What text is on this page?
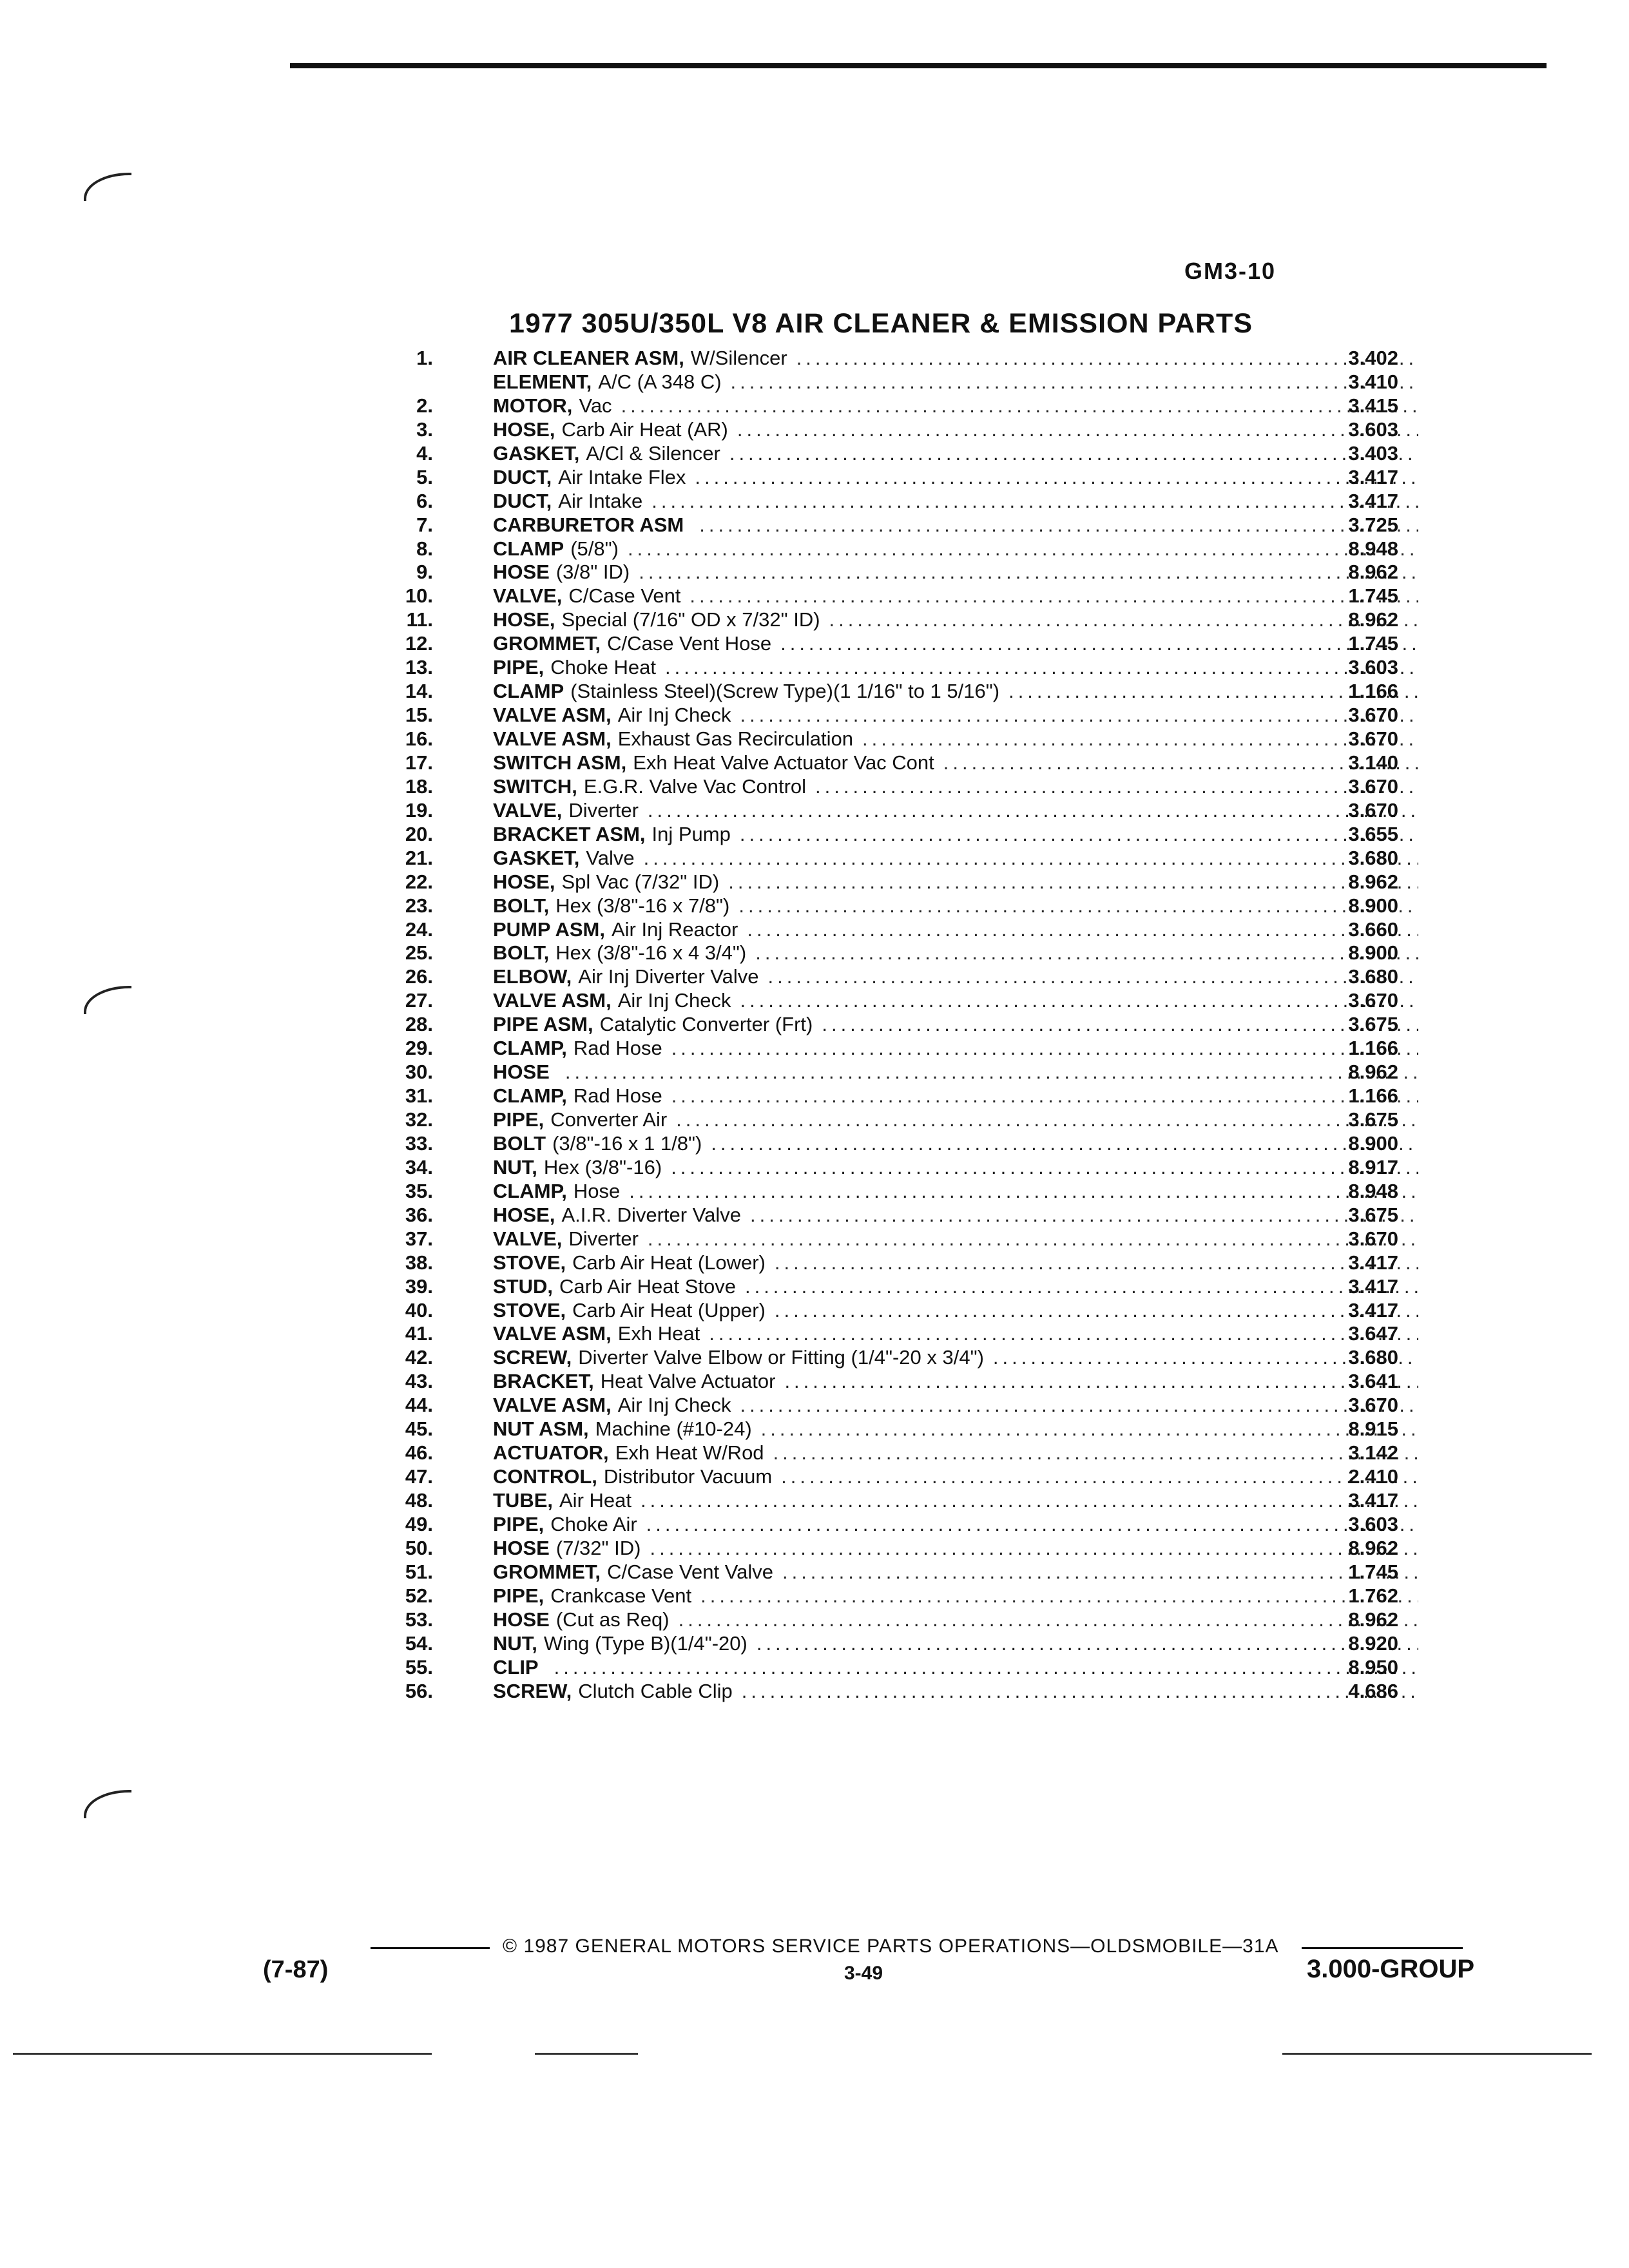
GM3-10
1977 305U/350L V8 AIR CLEANER & EMISSION PARTS
1.	AIR CLEANER ASM, W/Silencer .....	3.402
ELEMENT, A/C (A 348 C) .....	3.410
2.	MOTOR, Vac .....	3.415
3.	HOSE, Carb Air Heat (AR) .....	3.603
4.	GASKET, A/Cl & Silencer .....	3.403
5.	DUCT, Air Intake Flex .....	3.417
6.	DUCT, Air Intake .....	3.417
7.	CARBURETOR ASM .....	3.725
8.	CLAMP (5/8") .....	8.948
9.	HOSE (3/8" ID) .....	8.962
10.	VALVE, C/Case Vent .....	1.745
11.	HOSE, Special (7/16" OD x 7/32" ID) .....	8.962
12.	GROMMET, C/Case Vent Hose .....	1.745
13.	PIPE, Choke Heat .....	3.603
14.	CLAMP (Stainless Steel)(Screw Type)(1 1/16" to 1 5/16") .....	1.166
15.	VALVE ASM, Air Inj Check .....	3.670
16.	VALVE ASM, Exhaust Gas Recirculation .....	3.670
17.	SWITCH ASM, Exh Heat Valve Actuator Vac Cont .....	3.140
18.	SWITCH, E.G.R. Valve Vac Control .....	3.670
19.	VALVE, Diverter .....	3.670
20.	BRACKET ASM, Inj Pump .....	3.655
21.	GASKET, Valve .....	3.680
22.	HOSE, Spl Vac (7/32" ID) .....	8.962
23.	BOLT, Hex (3/8"-16 x 7/8") .....	8.900
24.	PUMP ASM, Air Inj Reactor .....	3.660
25.	BOLT, Hex (3/8"-16 x 4 3/4") .....	8.900
26.	ELBOW, Air Inj Diverter Valve .....	3.680
27.	VALVE ASM, Air Inj Check .....	3.670
28.	PIPE ASM, Catalytic Converter (Frt) .....	3.675
29.	CLAMP, Rad Hose .....	1.166
30.	HOSE .....	8.962
31.	CLAMP, Rad Hose .....	1.166
32.	PIPE, Converter Air .....	3.675
33.	BOLT (3/8"-16 x 1 1/8") .....	8.900
34.	NUT, Hex (3/8"-16) .....	8.917
35.	CLAMP, Hose .....	8.948
36.	HOSE, A.I.R. Diverter Valve .....	3.675
37.	VALVE, Diverter .....	3.670
38.	STOVE, Carb Air Heat (Lower) .....	3.417
39.	STUD, Carb Air Heat Stove .....	3.417
40.	STOVE, Carb Air Heat (Upper) .....	3.417
41.	VALVE ASM, Exh Heat .....	3.647
42.	SCREW, Diverter Valve Elbow or Fitting (1/4"-20 x 3/4") .....	3.680
43.	BRACKET, Heat Valve Actuator .....	3.641
44.	VALVE ASM, Air Inj Check .....	3.670
45.	NUT ASM, Machine (#10-24) .....	8.915
46.	ACTUATOR, Exh Heat W/Rod .....	3.142
47.	CONTROL, Distributor Vacuum .....	2.410
48.	TUBE, Air Heat .....	3.417
49.	PIPE, Choke Air .....	3.603
50.	HOSE (7/32" ID) .....	8.962
51.	GROMMET, C/Case Vent Valve .....	1.745
52.	PIPE, Crankcase Vent .....	1.762
53.	HOSE (Cut as Req) .....	8.962
54.	NUT, Wing (Type B)(1/4"-20) .....	8.920
55.	CLIP .....	8.950
56.	SCREW, Clutch Cable Clip .....	4.686
© 1987 GENERAL MOTORS SERVICE PARTS OPERATIONS—OLDSMOBILE—31A
(7-87)	3-49	3.000-GROUP
